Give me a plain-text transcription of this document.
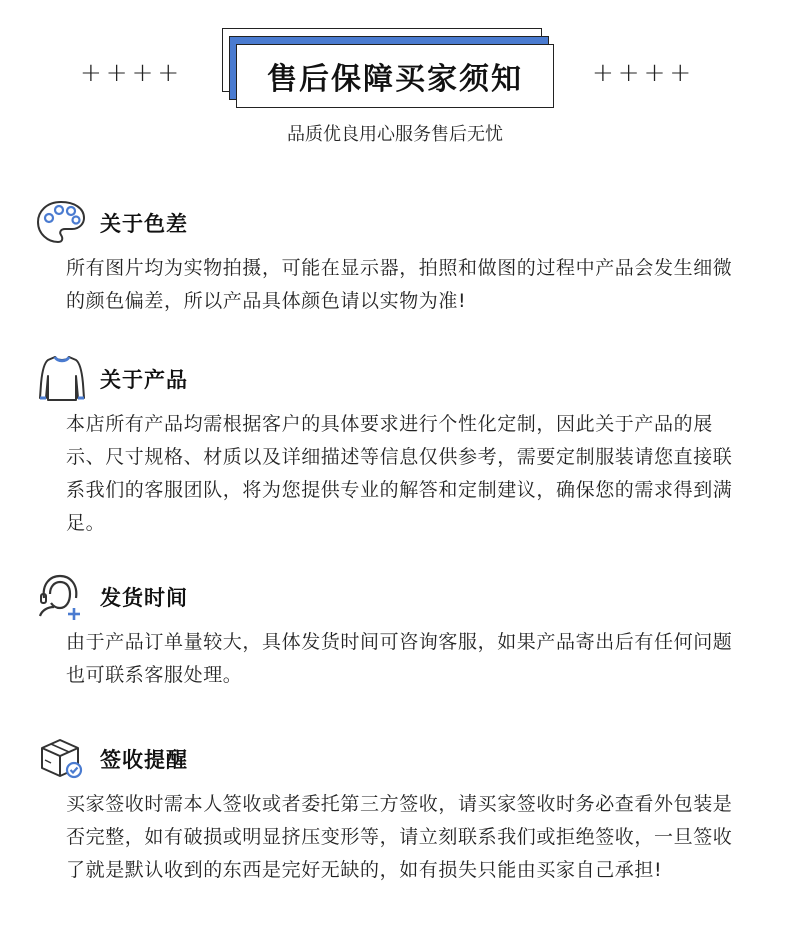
++++	售后保障买家须知	++++
品质优良用心服务售后无忧
关于色差
所有图片均为实物拍摄，可能在显示器，拍照和做图的过程中产品会发生细微的颜色偏差，所以产品具体颜色请以实物为准!
关于产品
本店所有产品均需根据客户的具体要求进行个性化定制，因此关于产品的展示、尺寸规格、材质以及详细描述等信息仅供参考，需要定制服装请您直接联系我们的客服团队，将为您提供专业的解答和定制建议，确保您的需求得到满足。
发货时间
由于产品订单量较大，具体发货时间可咨询客服，如果产品寄出后有任何问题也可联系客服处理。
签收提醒
买家签收时需本人签收或者委托第三方签收，请买家签收时务必查看外包装是否完整，如有破损或明显挤压变形等，请立刻联系我们或拒绝签收，一旦签收了就是默认收到的东西是完好无缺的，如有损失只能由买家自己承担!
